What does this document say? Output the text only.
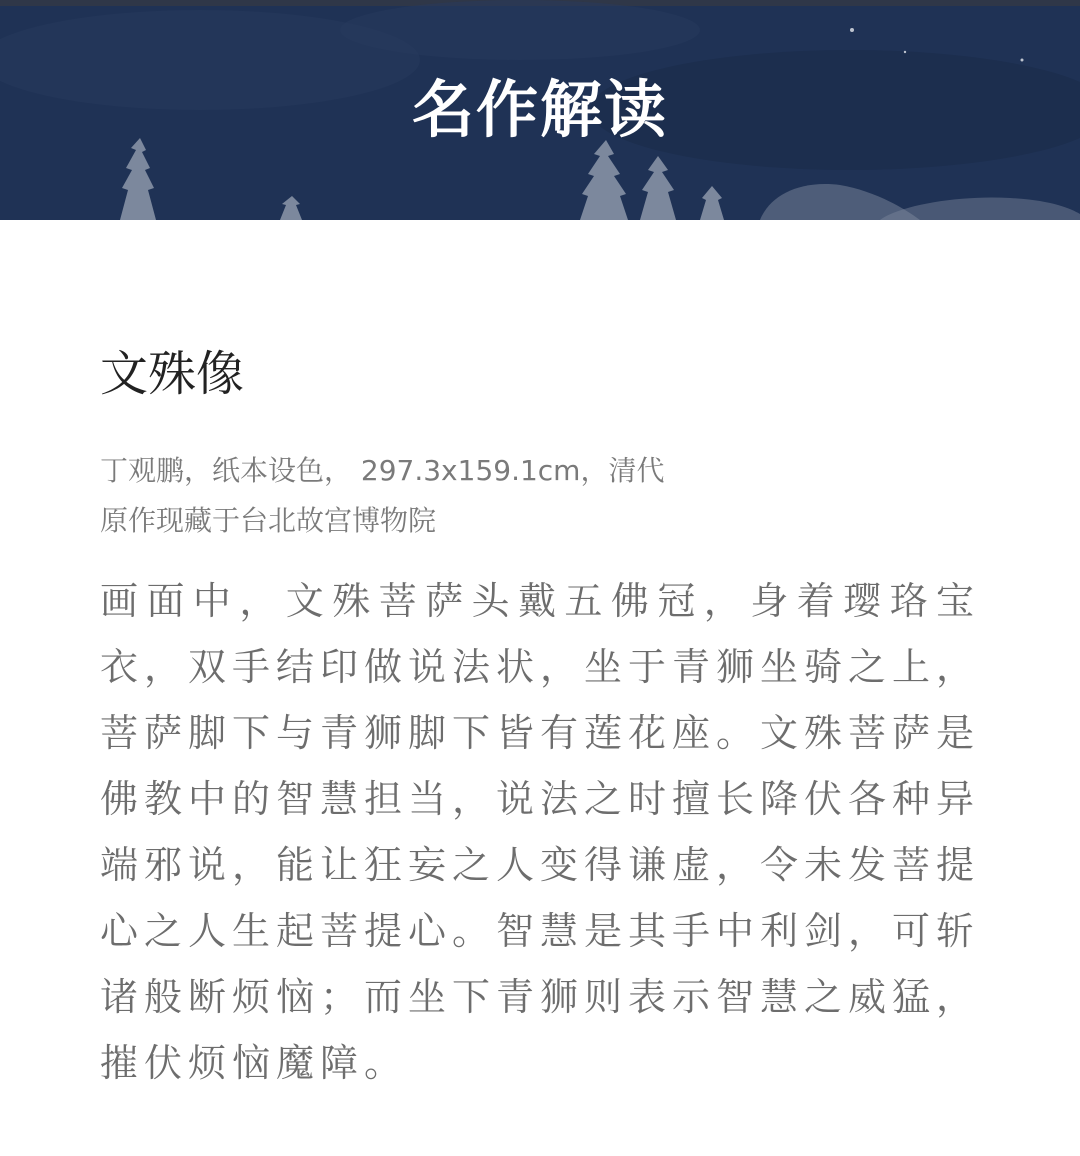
名作解读
文殊像
丁观鹏，纸本设色， 297.3x159.1cm，清代
原作现藏于台北故宫博物院

画面中，文殊菩萨头戴五佛冠，身着璎珞宝衣，双手结印做说法状，坐于青狮坐骑之上，菩萨脚下与青狮脚下皆有莲花座。文殊菩萨是佛教中的智慧担当，说法之时擅长降伏各种异端邪说，能让狂妄之人变得谦虚，令未发菩提心之人生起菩提心。智慧是其手中利剑，可斩诸般断烦恼；而坐下青狮则表示智慧之威猛，摧伏烦恼魔障。
